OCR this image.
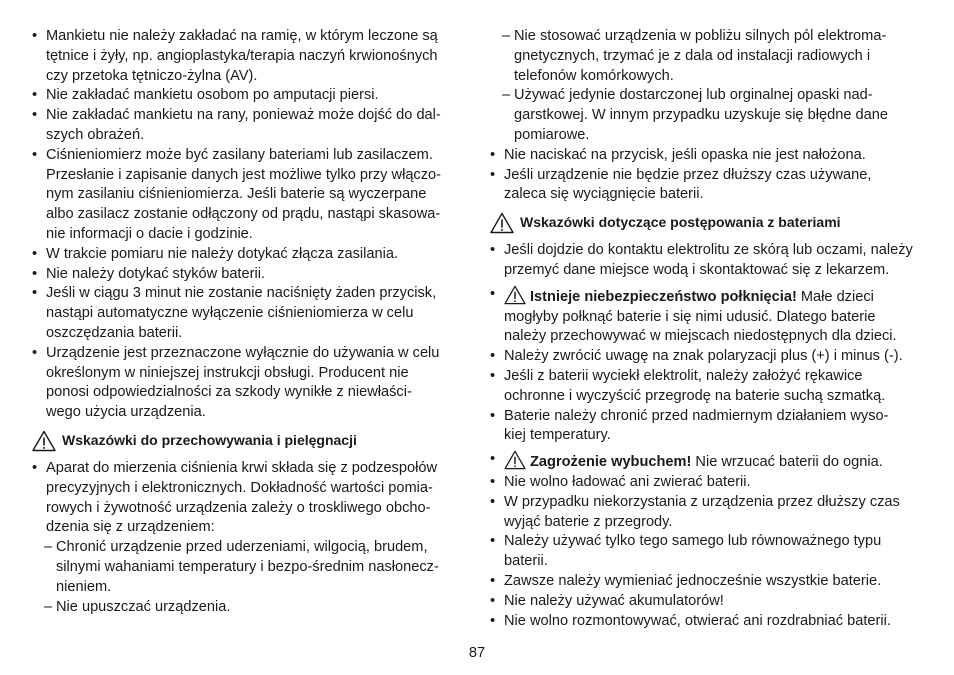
• Mankietu nie należy zakładać na ramię, w którym leczone są
tętnice i żyły, np. angioplastyka/terapia naczyń krwionośnych
czy przetoka tętniczo-żylna (AV).
• Nie zakładać mankietu osobom po amputacji piersi.
• Nie zakładać mankietu na rany, ponieważ może dojść do dal-
szych obrażeń.
• Ciśnieniomierz może być zasilany bateriami lub zasilaczem.
Przesłanie i zapisanie danych jest możliwe tylko przy włączo-
nym zasilaniu ciśnieniomierza. Jeśli baterie są wyczerpane
albo zasilacz zostanie odłączony od prądu, nastąpi skasowa-
nie informacji o dacie i godzinie.
• W trakcie pomiaru nie należy dotykać złącza zasilania.
• Nie należy dotykać styków baterii.
• Jeśli w ciągu 3 minut nie zostanie naciśnięty żaden przycisk,
nastąpi automatyczne wyłączenie ciśnieniomierza w celu
oszczędzania baterii.
• Urządzenie jest przeznaczone wyłącznie do używania w celu
określonym w niniejszej instrukcji obsługi. Producent nie
ponosi odpowiedzialności za szkody wynikłe z niewłaści-
wego użycia urządzenia.
Wskazówki do przechowywania i pielęgnacji
• Aparat do mierzenia ciśnienia krwi składa się z podzespołów
precyzyjnych i elektronicznych. Dokładność wartości pomia-
rowych i żywotność urządzenia zależy o troskliwego obcho-
dzenia się z urządzeniem:
– Chronić urządzenie przed uderzeniami, wilgocią, brudem,
silnymi wahaniami temperatury i bezpo-średnim nasłonecz-
nieniem.
– Nie upuszczać urządzenia.
– Nie stosować urządzenia w pobliżu silnych pól elektroma-
gnetycznych, trzymać je z dala od instalacji radiowych i
telefonów komórkowych.
– Używać jedynie dostarczonej lub orginalnej opaski nad-
garstkowej. W innym przypadku uzyskuje się błędne dane
pomiarowe.
• Nie naciskać na przycisk, jeśli opaska nie jest nałożona.
• Jeśli urządzenie nie będzie przez dłuższy czas używane,
zaleca się wyciągnięcie baterii.
Wskazówki dotyczące postępowania z bateriami
• Jeśli dojdzie do kontaktu elektrolitu ze skórą lub oczami, należy
przemyć dane miejsce wodą i skontaktować się z lekarzem.
• Istnieje niebezpieczeństwo połknięcia! Małe dzieci
mogłyby połknąć baterie i się nimi udusić. Dlatego baterie
należy przechowywać w miejscach niedostępnych dla dzieci.
• Należy zwrócić uwagę na znak polaryzacji plus (+) i minus (-).
• Jeśli z baterii wyciekł elektrolit, należy założyć rękawice
ochronne i wyczyścić przegrodę na baterie suchą szmatką.
• Baterie należy chronić przed nadmiernym działaniem wyso-
kiej temperatury.
• Zagrożenie wybuchem! Nie wrzucać baterii do ognia.
• Nie wolno ładować ani zwierać baterii.
• W przypadku niekorzystania z urządzenia przez dłuższy czas
wyjąć baterie z przegrody.
• Należy używać tylko tego samego lub równoważnego typu
baterii.
• Zawsze należy wymieniać jednocześnie wszystkie baterie.
• Nie należy używać akumulatorów!
• Nie wolno rozmontowywać, otwierać ani rozdrabniać baterii.
87
